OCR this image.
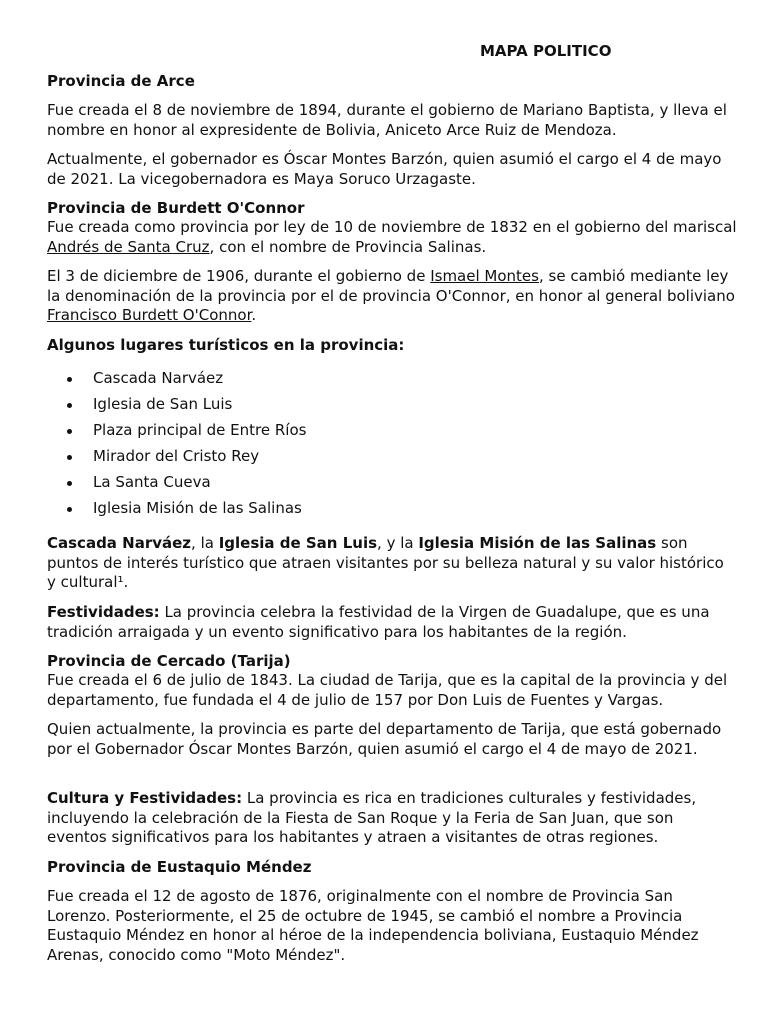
MAPA POLITICO
Provincia de Arce

Fue creada el 8 de noviembre de 1894, durante el gobierno de Mariano Baptista, y lleva el nombre en honor al expresidente de Bolivia, Aniceto Arce Ruiz de Mendoza.

Actualmente, el gobernador es Óscar Montes Barzón, quien asumió el cargo el 4 de mayo de 2021. La vicegobernadora es Maya Soruco Urzagaste.

Provincia de Burdett O'Connor

Fue creada como provincia por ley de 10 de noviembre de 1832 en el gobierno del mariscal Andrés de Santa Cruz, con el nombre de Provincia Salinas.

El 3 de diciembre de 1906, durante el gobierno de Ismael Montes, se cambió mediante ley la denominación de la provincia por el de provincia O'Connor, en honor al general boliviano Francisco Burdett O'Connor.

Algunos lugares turísticos en la provincia:
Cascada Narváez
Iglesia de San Luis
Plaza principal de Entre Ríos
Mirador del Cristo Rey
La Santa Cueva
Iglesia Misión de las Salinas

Cascada Narváez, la Iglesia de San Luis, y la Iglesia Misión de las Salinas son puntos de interés turístico que atraen visitantes por su belleza natural y su valor histórico y cultural¹.

Festividades: La provincia celebra la festividad de la Virgen de Guadalupe, que es una tradición arraigada y un evento significativo para los habitantes de la región.

Provincia de Cercado (Tarija)

Fue creada el 6 de julio de 1843. La ciudad de Tarija, que es la capital de la provincia y del departamento, fue fundada el 4 de julio de 157 por Don Luis de Fuentes y Vargas.

Quien actualmente, la provincia es parte del departamento de Tarija, que está gobernado por el Gobernador Óscar Montes Barzón, quien asumió el cargo el 4 de mayo de 2021.

Cultura y Festividades: La provincia es rica en tradiciones culturales y festividades, incluyendo la celebración de la Fiesta de San Roque y la Feria de San Juan, que son eventos significativos para los habitantes y atraen a visitantes de otras regiones.

Provincia de Eustaquio Méndez

Fue creada el 12 de agosto de 1876, originalmente con el nombre de Provincia San Lorenzo. Posteriormente, el 25 de octubre de 1945, se cambió el nombre a Provincia Eustaquio Méndez en honor al héroe de la independencia boliviana, Eustaquio Méndez Arenas, conocido como "Moto Méndez".
